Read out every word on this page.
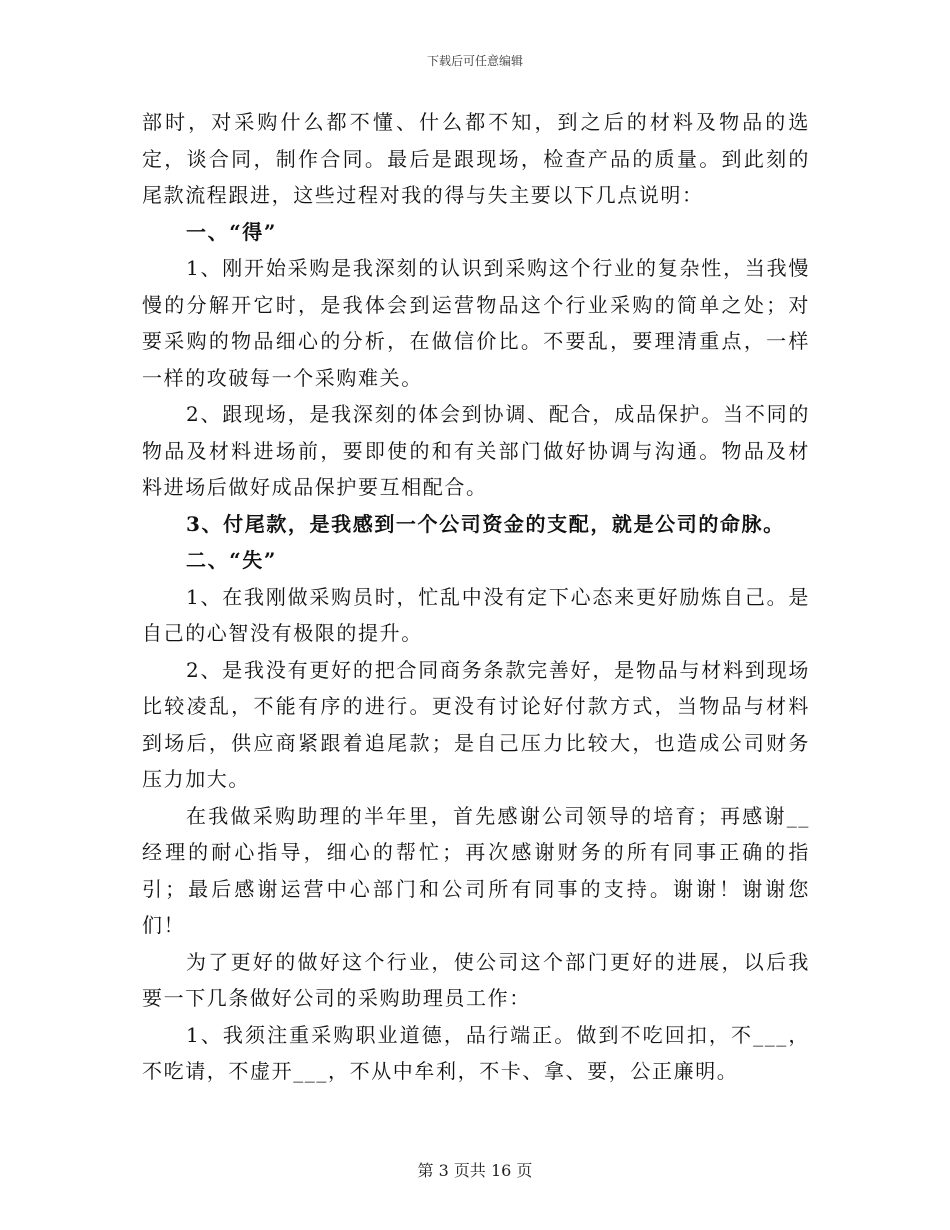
下载后可任意编辑

部时，对采购什么都不懂、什么都不知，到之后的材料及物品的选定，谈合同，制作合同。最后是跟现场，检查产品的质量。到此刻的尾款流程跟进，这些过程对我的得与失主要以下几点说明：

一、“得”

1、刚开始采购是我深刻的认识到采购这个行业的复杂性，当我慢慢的分解开它时，是我体会到运营物品这个行业采购的简单之处；对要采购的物品细心的分析，在做信价比。不要乱，要理清重点，一样一样的攻破每一个采购难关。

2、跟现场，是我深刻的体会到协调、配合，成品保护。当不同的物品及材料进场前，要即使的和有关部门做好协调与沟通。物品及材料进场后做好成品保护要互相配合。

3、付尾款，是我感到一个公司资金的支配，就是公司的命脉。

二、“失”

1、在我刚做采购员时，忙乱中没有定下心态来更好励炼自己。是自己的心智没有极限的提升。

2、是我没有更好的把合同商务条款完善好，是物品与材料到现场比较凌乱，不能有序的进行。更没有讨论好付款方式，当物品与材料到场后，供应商紧跟着追尾款；是自己压力比较大，也造成公司财务压力加大。

在我做采购助理的半年里，首先感谢公司领导的培育；再感谢__经理的耐心指导，细心的帮忙；再次感谢财务的所有同事正确的指引；最后感谢运营中心部门和公司所有同事的支持。谢谢！谢谢您们！

为了更好的做好这个行业，使公司这个部门更好的进展，以后我要一下几条做好公司的采购助理员工作：

1、我须注重采购职业道德，品行端正。做到不吃回扣，不___，不吃请，不虚开___，不从中牟利，不卡、拿、要，公正廉明。

第 3 页共 16 页
